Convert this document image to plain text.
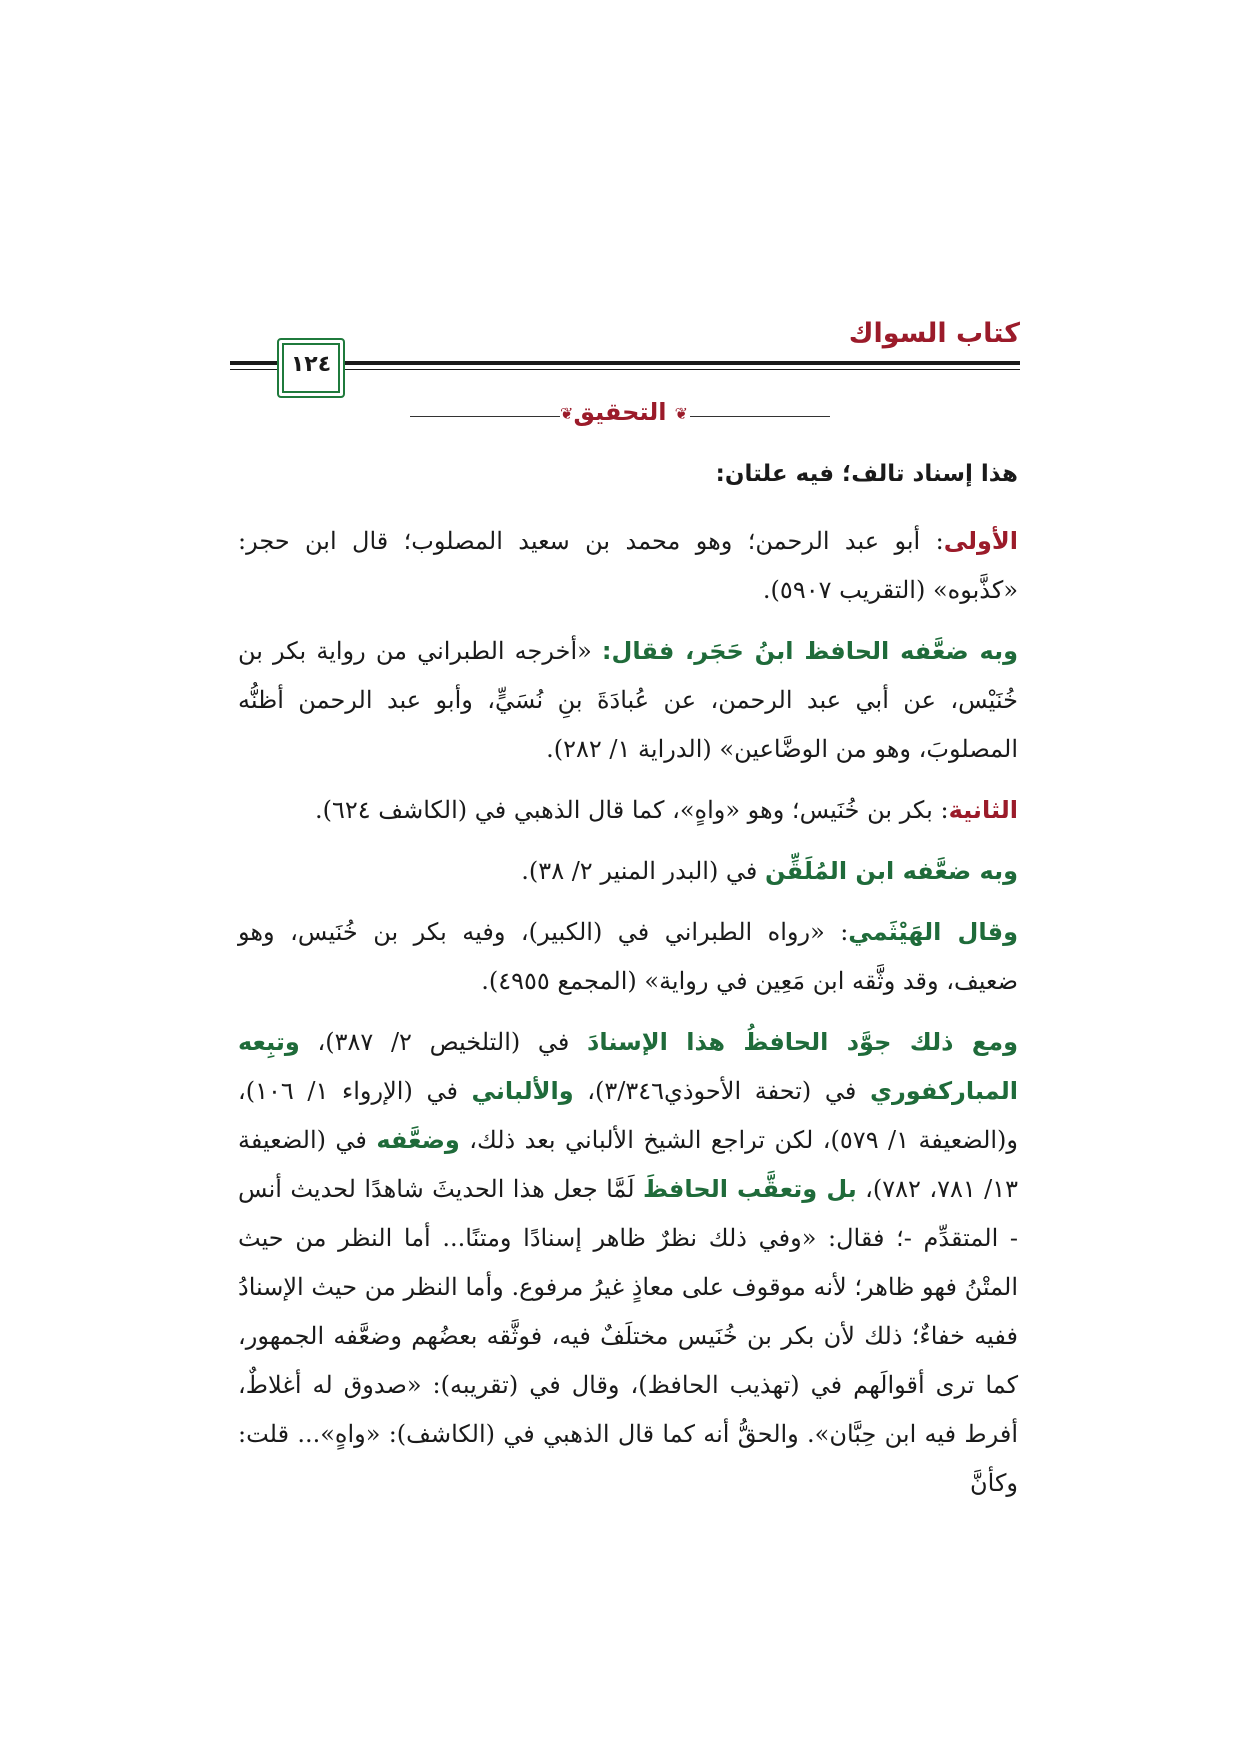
كتاب السواك
١٢٤
❦ التحقيق ❦

هذا إسناد تالف؛ فيه علتان:

الأولى: أبو عبد الرحمن؛ وهو محمد بن سعيد المصلوب؛ قال ابن حجر: «كذَّبوه» (التقريب ٥٩٠٧).

وبه ضعَّفه الحافظ ابنُ حَجَر، فقال: «أخرجه الطبراني من رواية بكر بن خُنَيْس، عن أبي عبد الرحمن، عن عُبادَةَ بنِ نُسَيٍّ، وأبو عبد الرحمن أظنُّه المصلوبَ، وهو من الوضَّاعين» (الدراية ١/ ٢٨٢).

الثانية: بكر بن خُنَيس؛ وهو «واهٍ»، كما قال الذهبي في (الكاشف ٦٢٤).

وبه ضعَّفه ابن المُلَقِّن في (البدر المنير ٢/ ٣٨).

وقال الهَيْثَمي: «رواه الطبراني في (الكبير)، وفيه بكر بن خُنَيس، وهو ضعيف، وقد وثَّقه ابن مَعِين في رواية» (المجمع ٤٩٥٥).

ومع ذلك جوَّد الحافظُ هذا الإسنادَ في (التلخيص ٢/ ٣٨٧)، وتبِعه المباركفوري في (تحفة الأحوذي٣/٣٤٦)، والألباني في (الإرواء ١/ ١٠٦)، و(الضعيفة ١/ ٥٧٩)، لكن تراجع الشيخ الألباني بعد ذلك، وضعَّفه في (الضعيفة ١٣/ ٧٨١، ٧٨٢)، بل وتعقَّب الحافظَ لَمَّا جعل هذا الحديثَ شاهدًا لحديث أنس - المتقدِّم -؛ فقال: «وفي ذلك نظرٌ ظاهر إسنادًا ومتنًا... أما النظر من حيث المتْنُ فهو ظاهر؛ لأنه موقوف على معاذٍ غيرُ مرفوع. وأما النظر من حيث الإسنادُ ففيه خفاءٌ؛ ذلك لأن بكر بن خُنَيس مختلَفٌ فيه، فوثَّقه بعضُهم وضعَّفه الجمهور، كما ترى أقوالَهم في (تهذيب الحافظ)، وقال في (تقريبه): «صدوق له أغلاطٌ، أفرط فيه ابن حِبَّان». والحقُّ أنه كما قال الذهبي في (الكاشف): «واهٍ»... قلت: وكأنَّ
